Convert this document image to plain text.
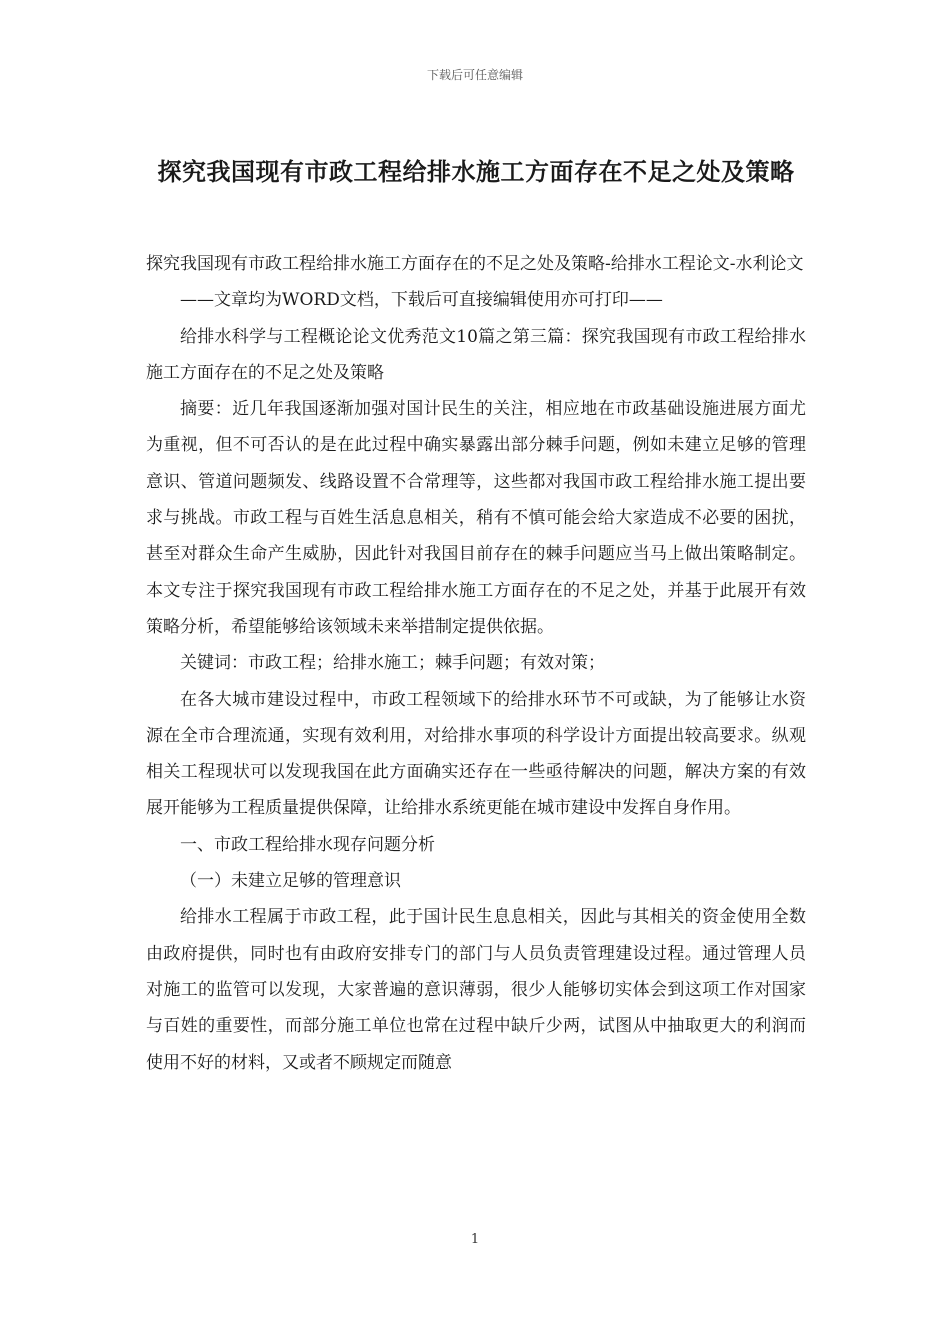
下载后可任意编辑
探究我国现有市政工程给排水施工方面存在不足之处及策略

探究我国现有市政工程给排水施工方面存在的不足之处及策略-给排水工程论文-水利论文

——文章均为WORD文档，下载后可直接编辑使用亦可打印——

给排水科学与工程概论论文优秀范文10篇之第三篇：探究我国现有市政工程给排水施工方面存在的不足之处及策略

摘要：近几年我国逐渐加强对国计民生的关注，相应地在市政基础设施进展方面尤为重视，但不可否认的是在此过程中确实暴露出部分棘手问题，例如未建立足够的管理意识、管道问题频发、线路设置不合常理等，这些都对我国市政工程给排水施工提出要求与挑战。市政工程与百姓生活息息相关，稍有不慎可能会给大家造成不必要的困扰，甚至对群众生命产生威胁，因此针对我国目前存在的棘手问题应当马上做出策略制定。本文专注于探究我国现有市政工程给排水施工方面存在的不足之处，并基于此展开有效策略分析，希望能够给该领域未来举措制定提供依据。

关键词：市政工程；给排水施工；棘手问题；有效对策；

在各大城市建设过程中，市政工程领域下的给排水环节不可或缺，为了能够让水资源在全市合理流通，实现有效利用，对给排水事项的科学设计方面提出较高要求。纵观相关工程现状可以发现我国在此方面确实还存在一些亟待解决的问题，解决方案的有效展开能够为工程质量提供保障，让给排水系统更能在城市建设中发挥自身作用。

一、市政工程给排水现存问题分析

（一）未建立足够的管理意识

给排水工程属于市政工程，此于国计民生息息相关，因此与其相关的资金使用全数由政府提供，同时也有由政府安排专门的部门与人员负责管理建设过程。通过管理人员对施工的监管可以发现，大家普遍的意识薄弱，很少人能够切实体会到这项工作对国家与百姓的重要性，而部分施工单位也常在过程中缺斤少两，试图从中抽取更大的利润而使用不好的材料，又或者不顾规定而随意

1
